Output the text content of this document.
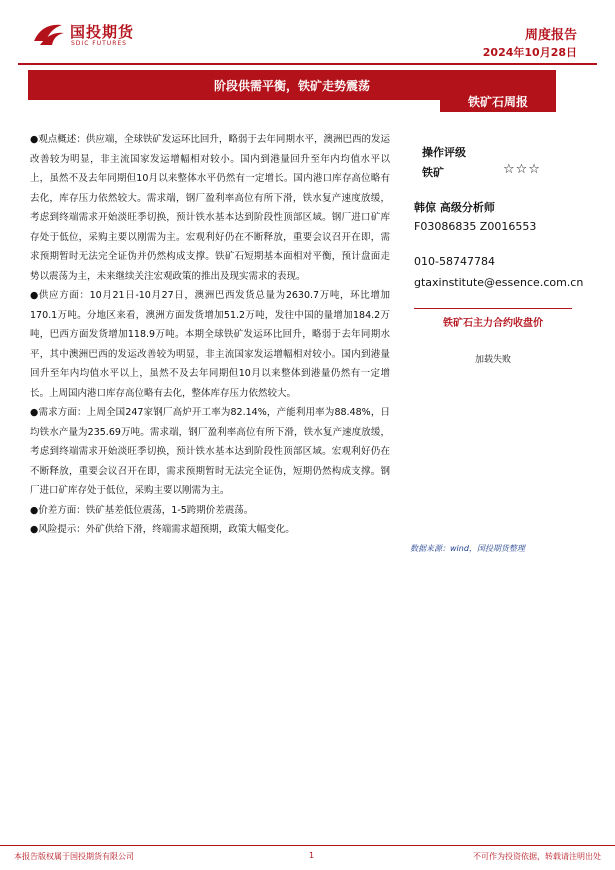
国投期货
SDIC FUTURES
周度报告
2024年10月28日
阶段供需平衡，铁矿走势震荡
铁矿石周报

●观点概述：供应端，全球铁矿发运环比回升，略弱于去年同期水平，澳洲巴西的发运改善较为明显，非主流国家发运增幅相对较小。国内到港量回升至年内均值水平以上，虽然不及去年同期但10月以来整体水平仍然有一定增长。国内港口库存高位略有去化，库存压力依然较大。需求端，钢厂盈利率高位有所下滑，铁水复产速度放缓，考虑到终端需求开始淡旺季切换，预计铁水基本达到阶段性顶部区域。钢厂进口矿库存处于低位，采购主要以刚需为主。宏观利好仍在不断释放，重要会议召开在即，需求预期暂时无法完全证伪并仍然构成支撑。铁矿石短期基本面相对平衡，预计盘面走势以震荡为主，未来继续关注宏观政策的推出及现实需求的表现。

●供应方面：10月21日-10月27日，澳洲巴西发货总量为2630.7万吨，环比增加170.1万吨。分地区来看，澳洲方面发货增加51.2万吨，发往中国的量增加184.2万吨，巴西方面发货增加118.9万吨。本期全球铁矿发运环比回升，略弱于去年同期水平，其中澳洲巴西的发运改善较为明显，非主流国家发运增幅相对较小。国内到港量回升至年内均值水平以上，虽然不及去年同期但10月以来整体到港量仍然有一定增长。上周国内港口库存高位略有去化，整体库存压力依然较大。

●需求方面：上周全国247家钢厂高炉开工率为82.14%，产能利用率为88.48%，日均铁水产量为235.69万吨。需求端，钢厂盈利率高位有所下滑，铁水复产速度放缓，考虑到终端需求开始淡旺季切换，预计铁水基本达到阶段性顶部区域。宏观利好仍在不断释放，重要会议召开在即，需求预期暂时无法完全证伪，短期仍然构成支撑。钢厂进口矿库存处于低位，采购主要以刚需为主。

●价差方面：铁矿基差低位震荡，1-5跨期价差震荡。

●风险提示：外矿供给下滑，终端需求超预期，政策大幅变化。

操作评级
铁矿	☆☆☆
韩倞 高级分析师
F03086835 Z0016553
010-58747784
gtaxinstitute@essence.com.cn
铁矿石主力合约收盘价
加载失败
数据来源：wind，国投期货整理
本报告版权属于国投期货有限公司	1	不可作为投资依据，转载请注明出处
